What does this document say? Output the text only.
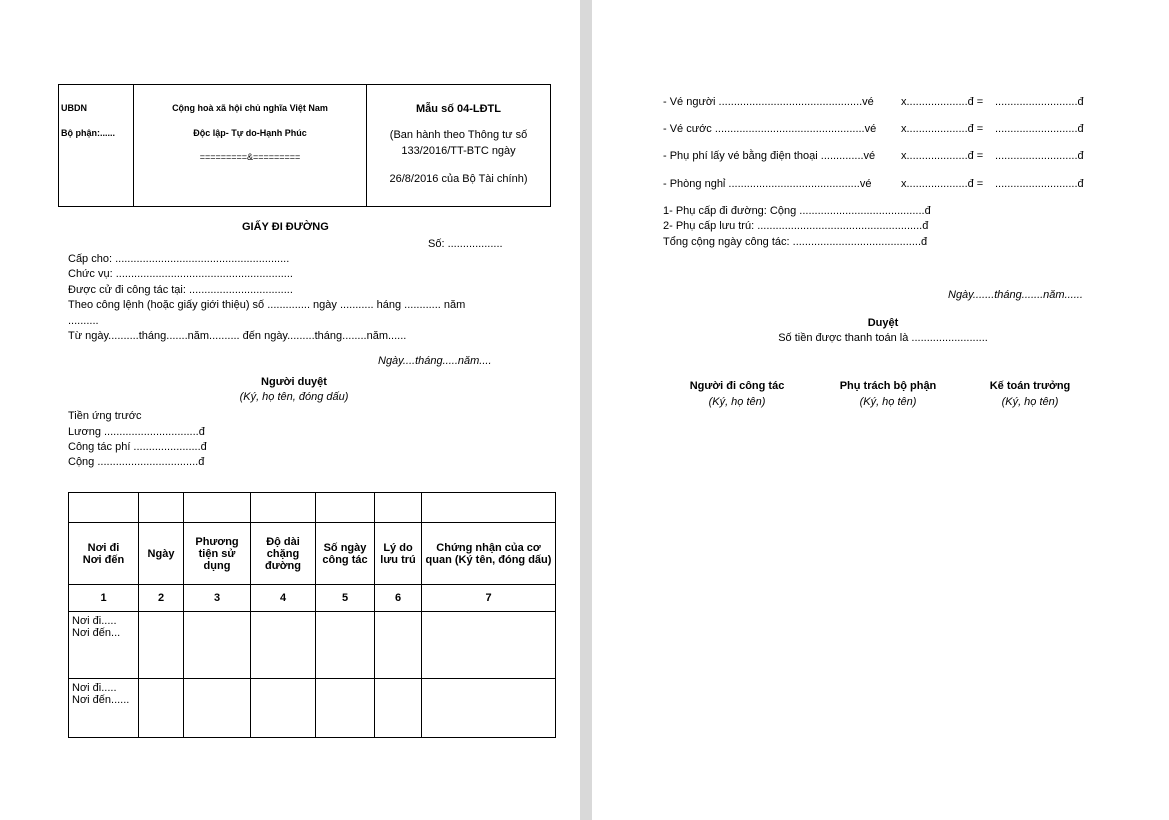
UBDN
Bộ phận:......
Cộng hoà xã hội chủ nghĩa Việt Nam
Độc lập- Tự do-Hạnh Phúc
=========&=========
Mẫu số 04-LĐTL
(Ban hành theo Thông tư số
133/2016/TT-BTC ngày
26/8/2016 của Bộ Tài chính)
GIẤY ĐI ĐƯỜNG
Số: ..................
Cấp cho: .........................................................
Chức vụ: ..........................................................
Được cử đi công tác tại: ..................................
Theo công lệnh (hoặc giấy giới thiệu) số .............. ngày ........... háng ............ năm
..........
Từ ngày..........tháng.......năm.......... đến ngày.........tháng........năm......
Ngày....tháng.....năm....
Người duyệt
(Ký, họ tên, đóng dấu)
Tiền ứng trước
Lương ...............................đ
Công tác phí ......................đ
Cộng .................................đ

Nơi đi
Nơi đến	Ngày	Phương tiện sử dụng	Độ dài chặng đường	Số ngày công tác	Lý do lưu trú	Chứng nhận của cơ quan (Ký tên, đóng dấu)
1	2	3	4	5	6	7

Nơi đi.....
Nơi đến...						

Nơi đi.....
Nơi đến......						

- Vé người ...............................................vé x....................đ = ...........................đ
- Vé cước .................................................vé x....................đ = ...........................đ
- Phụ phí lấy vé bằng điện thoại ..............vé x....................đ = ...........................đ
- Phòng nghỉ ...........................................vé	x....................đ = ...........................đ
1- Phụ cấp đi đường: Cộng .........................................đ
2- Phụ cấp lưu trú: ......................................................đ
Tổng cộng ngày công tác: ..........................................đ
Ngày.......tháng.......năm......
Duyệt
Số tiền được thanh toán là .........................
Người đi công tác
(Ký, họ tên)
Phụ trách bộ phận
(Ký, họ tên)
Kế toán trưởng
(Ký, họ tên)
